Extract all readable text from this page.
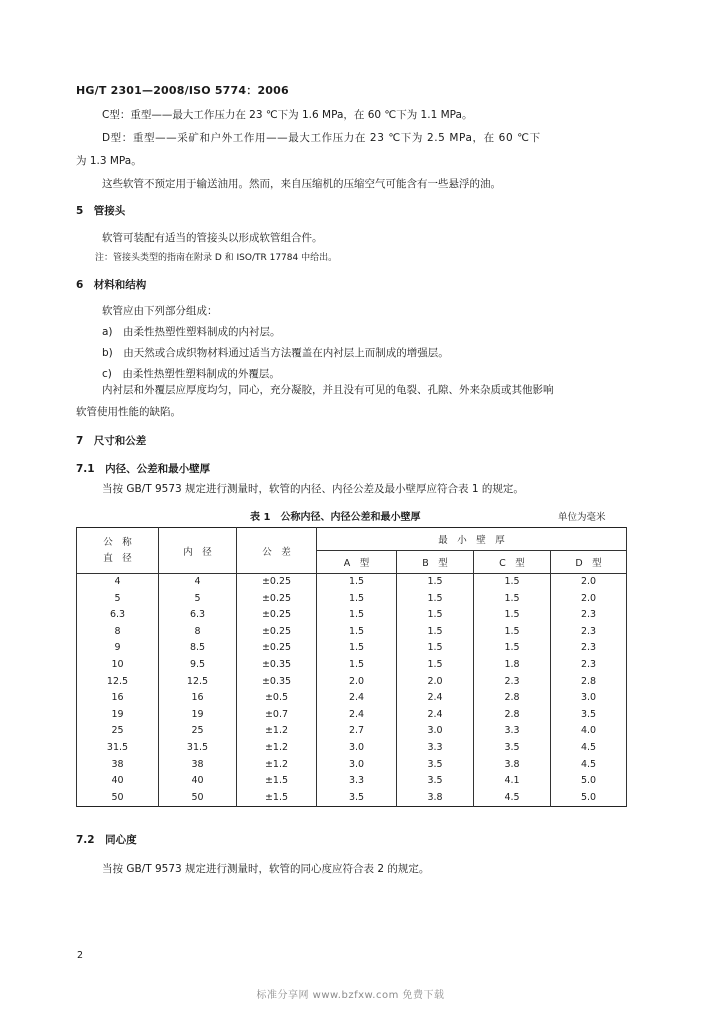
HG/T 2301—2008/ISO 5774：2006
C型：重型——最大工作压力在 23 ℃下为 1.6 MPa，在 60 ℃下为 1.1 MPa。
D型：重型——采矿和户外工作用——最大工作压力在 23 ℃下为 2.5 MPa，在 60 ℃下
为 1.3 MPa。
这些软管不预定用于输送油用。然而，来自压缩机的压缩空气可能含有一些悬浮的油。
5　管接头
软管可装配有适当的管接头以形成软管组合件。
注：管接头类型的指南在附录 D 和 ISO/TR 17784 中给出。
6　材料和结构
软管应由下列部分组成：
a)　由柔性热塑性塑料制成的内衬层。
b)　由天然或合成织物材料通过适当方法覆盖在内衬层上而制成的增强层。
c)　由柔性热塑性塑料制成的外覆层。
内衬层和外覆层应厚度均匀，同心，充分凝胶，并且没有可见的龟裂、孔隙、外来杂质或其他影响
软管使用性能的缺陷。
7　尺寸和公差
7.1　内径、公差和最小壁厚
当按 GB/T 9573 规定进行测量时，软管的内径、内径公差及最小壁厚应符合表 1 的规定。
表 1　公称内径、内径公差和最小壁厚	单位为毫米
公　称
直　径	内　径	公　差	最　小　壁　厚			
			A　型	B　型	C　型	D　型
4	4	±0.25	1.5	1.5	1.5	2.0
5	5	±0.25	1.5	1.5	1.5	2.0
6.3	6.3	±0.25	1.5	1.5	1.5	2.3
8	8	±0.25	1.5	1.5	1.5	2.3
9	8.5	±0.25	1.5	1.5	1.5	2.3
10	9.5	±0.35	1.5	1.5	1.8	2.3
12.5	12.5	±0.35	2.0	2.0	2.3	2.8
16	16	±0.5	2.4	2.4	2.8	3.0
19	19	±0.7	2.4	2.4	2.8	3.5
25	25	±1.2	2.7	3.0	3.3	4.0
31.5	31.5	±1.2	3.0	3.3	3.5	4.5
38	38	±1.2	3.0	3.5	3.8	4.5
40	40	±1.5	3.3	3.5	4.1	5.0
50	50	±1.5	3.5	3.8	4.5	5.0
7.2　同心度
当按 GB/T 9573 规定进行测量时，软管的同心度应符合表 2 的规定。
2
标准分享网 www.bzfxw.com 免费下载
